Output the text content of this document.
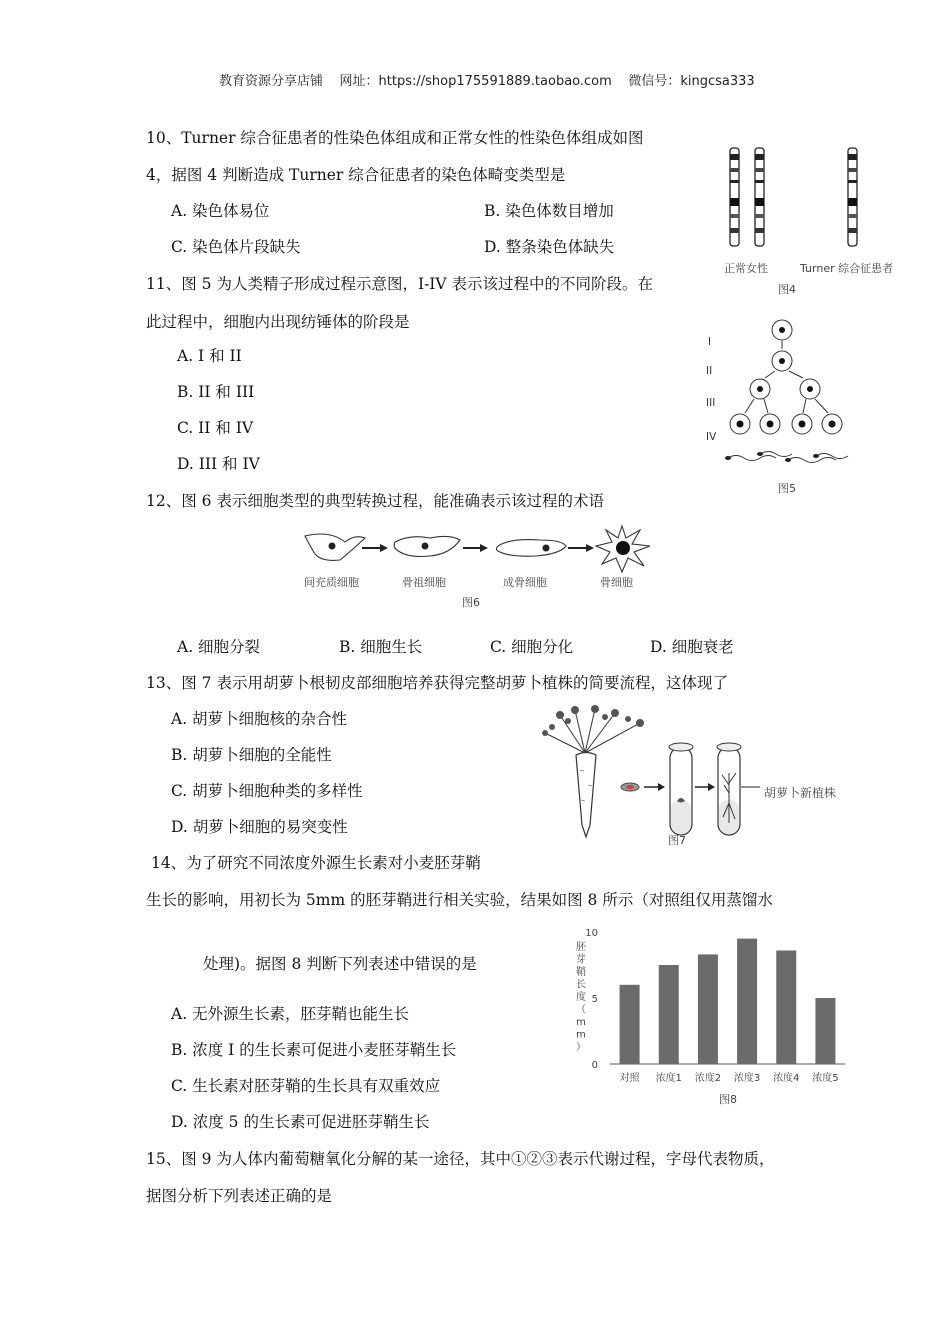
教育资源分享店铺 网址：https://shop175591889.taobao.com 微信号：kingcsa333
10、Turner 综合征患者的性染色体组成和正常女性的性染色体组成如图
4，据图 4 判断造成 Turner 综合征患者的染色体畸变类型是
A. 染色体易位	B. 染色体数目增加
C. 染色体片段缺失	D. 整条染色体缺失
正常女性	Turner 综合征患者
图4
11、图 5 为人类精子形成过程示意图，I-IV 表示该过程中的不同阶段。在
此过程中，细胞内出现纺锤体的阶段是
A. I 和 II
B. II 和 III
C. II 和 IV
D. III 和 IV
I
II
III
IV
图5
12、图 6 表示细胞类型的典型转换过程，能准确表示该过程的术语
间充质细胞	骨祖细胞	成骨细胞	骨细胞
图6
A. 细胞分裂	B. 细胞生长	C. 细胞分化	D. 细胞衰老
13、图 7 表示用胡萝卜根韧皮部细胞培养获得完整胡萝卜植株的简要流程，这体现了
A. 胡萝卜细胞核的杂合性
B. 胡萝卜细胞的全能性
C. 胡萝卜细胞种类的多样性
D. 胡萝卜细胞的易突变性
胡萝卜新植株
图7
14、为了研究不同浓度外源生长素对小麦胚芽鞘
生长的影响，用初长为 5mm 的胚芽鞘进行相关实验，结果如图 8 所示（对照组仅用蒸馏水
处理)。据图 8 判断下列表述中错误的是
A. 无外源生长素，胚芽鞘也能生长
B. 浓度 I 的生长素可促进小麦胚芽鞘生长
C. 生长素对胚芽鞘的生长具有双重效应
D. 浓度 5 的生长素可促进胚芽鞘生长
胚
芽
鞘
长
度
（
m
m
）
对照 浓度1 浓度2 浓度3 浓度4 浓度5
0
5
10
图8
15、图 9 为人体内葡萄糖氧化分解的某一途径，其中①②③表示代谢过程，字母代表物质，
据图分析下列表述正确的是
